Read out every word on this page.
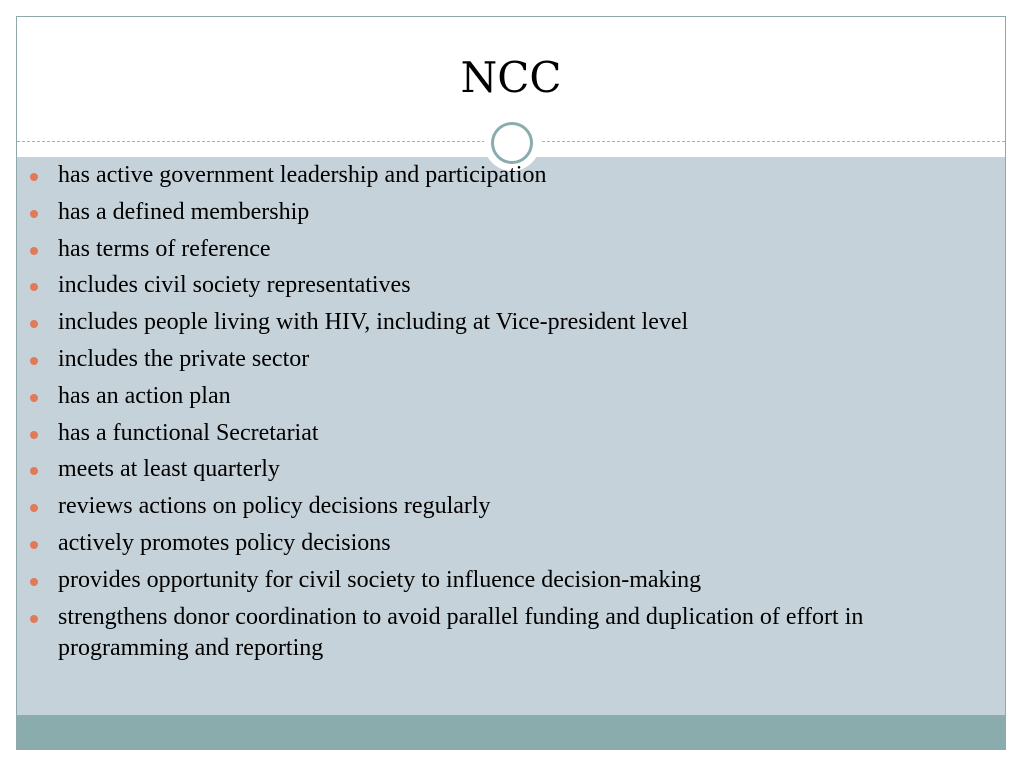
NCC
has active government leadership and participation
has a defined membership
has terms of reference
includes civil society representatives
includes people living with HIV, including at Vice-president level
includes the private sector
has an action plan
has a functional Secretariat
meets at least quarterly
reviews actions on policy decisions regularly
actively promotes policy decisions
provides opportunity for civil society to influence decision-making
strengthens donor coordination to avoid parallel funding and duplication of effort in programming and reporting
